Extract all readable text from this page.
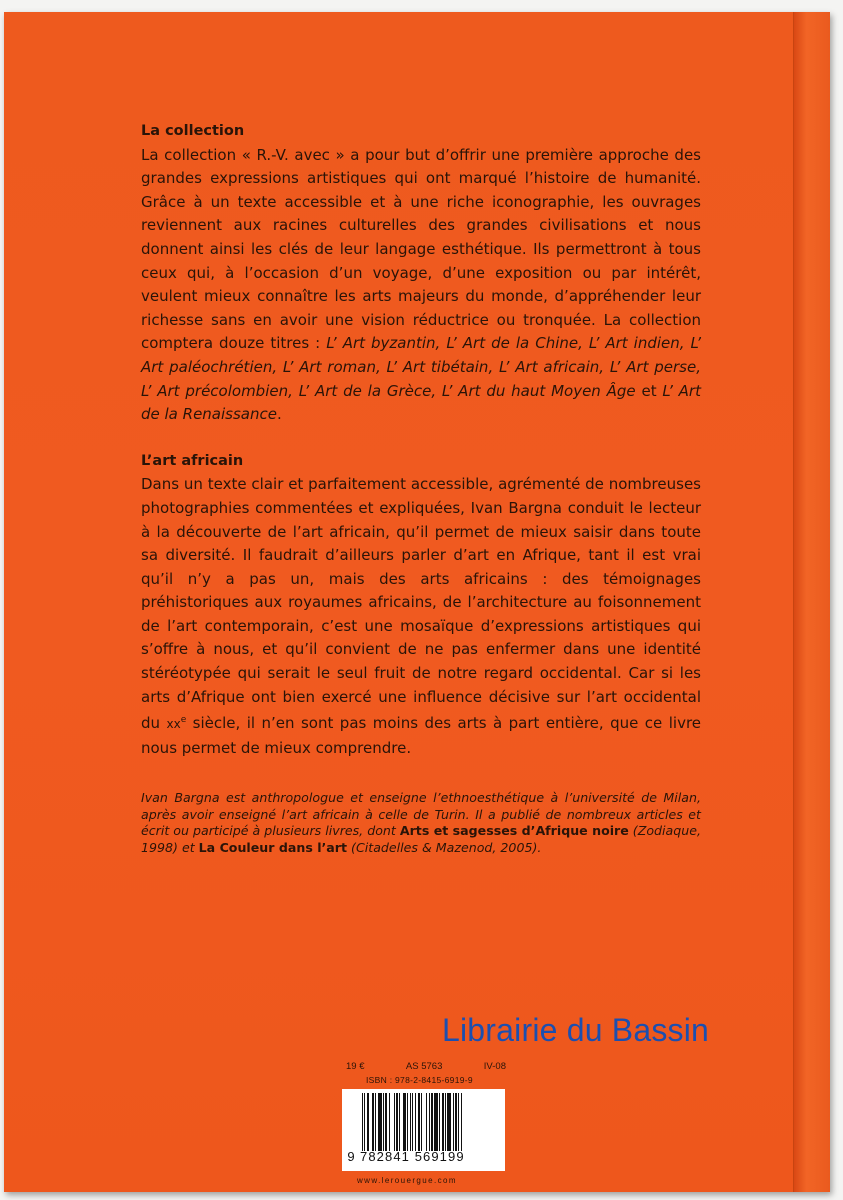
La collection

La collection « R.-V. avec » a pour but d’offrir une première approche des grandes expressions artistiques qui ont marqué l’histoire de humanité. Grâce à un texte accessible et à une riche iconographie, les ouvrages reviennent aux racines culturelles des grandes civilisations et nous donnent ainsi les clés de leur langage esthétique. Ils permettront à tous ceux qui, à l’occasion d’un voyage, d’une exposition ou par intérêt, veulent mieux connaître les arts majeurs du monde, d’appréhender leur richesse sans en avoir une vision réductrice ou tronquée. La collection comptera douze titres : L’ Art byzantin, L’ Art de la Chine, L’ Art indien, L’ Art paléochrétien, L’ Art roman, L’ Art tibétain, L’ Art africain, L’ Art perse, L’ Art précolombien, L’ Art de la Grèce, L’ Art du haut Moyen Âge et L’ Art de la Renaissance.

L’art africain

Dans un texte clair et parfaitement accessible, agrémenté de nombreuses photographies commentées et expliquées, Ivan Bargna conduit le lecteur à la découverte de l’art africain, qu’il permet de mieux saisir dans toute sa diversité. Il faudrait d’ailleurs parler d’art en Afrique, tant il est vrai qu’il n’y a pas un, mais des arts africains : des témoignages préhistoriques aux royaumes africains, de l’architecture au foisonnement de l’art contemporain, c’est une mosaïque d’expressions artistiques qui s’offre à nous, et qu’il convient de ne pas enfermer dans une identité stéréotypée qui serait le seul fruit de notre regard occidental. Car si les arts d’Afrique ont bien exercé une influence décisive sur l’art occidental du $xx^e$ siècle, il n’en sont pas moins des arts à part entière, que ce livre nous permet de mieux comprendre.

Ivan Bargna est anthropologue et enseigne l’ethnoesthétique à l’université de Milan, après avoir enseigné l’art africain à celle de Turin. Il a publié de nombreux articles et écrit ou participé à plusieurs livres, dont Arts et sagesses d’Afrique noire (Zodiaque, 1998) et La Couleur dans l’art (Citadelles & Mazenod, 2005).

Librairie du Bassin
19 €	AS 5763	IV-08
ISBN : 978-2-8415-6919-9
9 782841 569199
www.lerouergue.com
